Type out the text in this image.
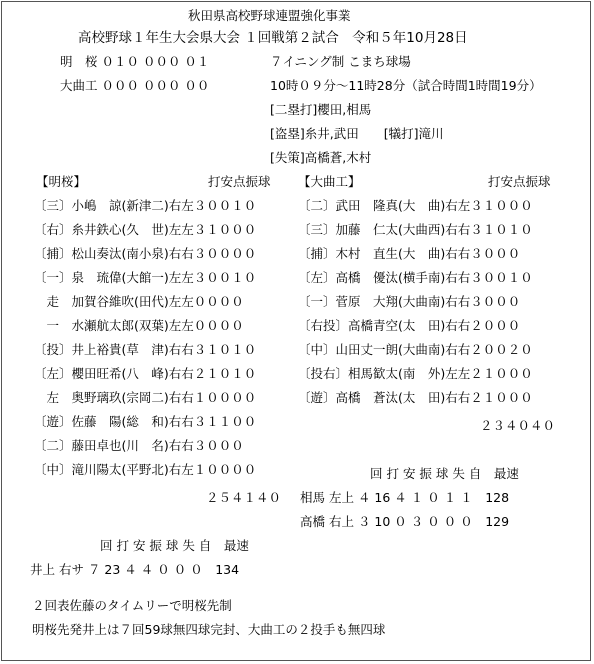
秋田県高校野球連盟強化事業
高校野球１年生大会県大会 １回戦第２試合　令和５年10月28日
明　桜 ０１０ ０００ ０１
大曲工 ０００ ０００ ００
７イニング制 こまち球場
10時０９分～11時28分（試合時間1時間19分）
[二塁打]櫻田,相馬
[盗塁]糸井,武田　　[犠打]滝川
[失策]高橋蒼,木村
【明桜】	打安点振球
〔三〕小嶋　諒(新津二)右左３００１０
〔右〕糸井鉄心(久　世)左左３１０００
〔捕〕松山奏汰(南小泉)右右３００００
〔一〕泉　琉偉(大館一)左左３００１０
　走　加賀谷維吹(田代)左左００００
　一　水瀬航太郎(双葉)左左００００
〔投〕井上裕貴(草　津)右右３１０１０
〔左〕櫻田旺希(八　峰)右右２１０１０
　左　奥野璃玖(宗岡二)右右１００００
〔遊〕佐藤　陽(総　和)右右３１１００
〔二〕藤田卓也(川　名)右右３０００
〔中〕滝川陽太(平野北)右左１００００
２５４１４０
【大曲工】	打安点振球
〔二〕武田　隆真(大　曲)右左３１０００
〔三〕加藤　仁太(大曲西)右右３１０１０
〔捕〕木村　直生(大　曲)右右３０００
〔左〕高橋　優汰(横手南)右右３００１０
〔一〕菅原　大翔(大曲南)右右３０００
〔右投〕高橋青空(太　田)右右２０００
〔中〕山田丈一朗(大曲南)右右２００２０
〔投右〕相馬歓太(南　外)左左２１０００
〔遊〕高橋　蒼汰(太　田)右右２１０００
２３４０４０
回 打 安 振 球 失 自　最速
相馬 左上 ４ 16 ４ １ ０ １ １　128
高橋 右上 ３ 10 ０ ３ ０ ０ ０　129
回 打 安 振 球 失 自　最速
井上 右サ ７ 23 ４ ４ ０ ０ ０　134
２回表佐藤のタイムリーで明桜先制
明桜先発井上は７回59球無四球完封、大曲工の２投手も無四球
